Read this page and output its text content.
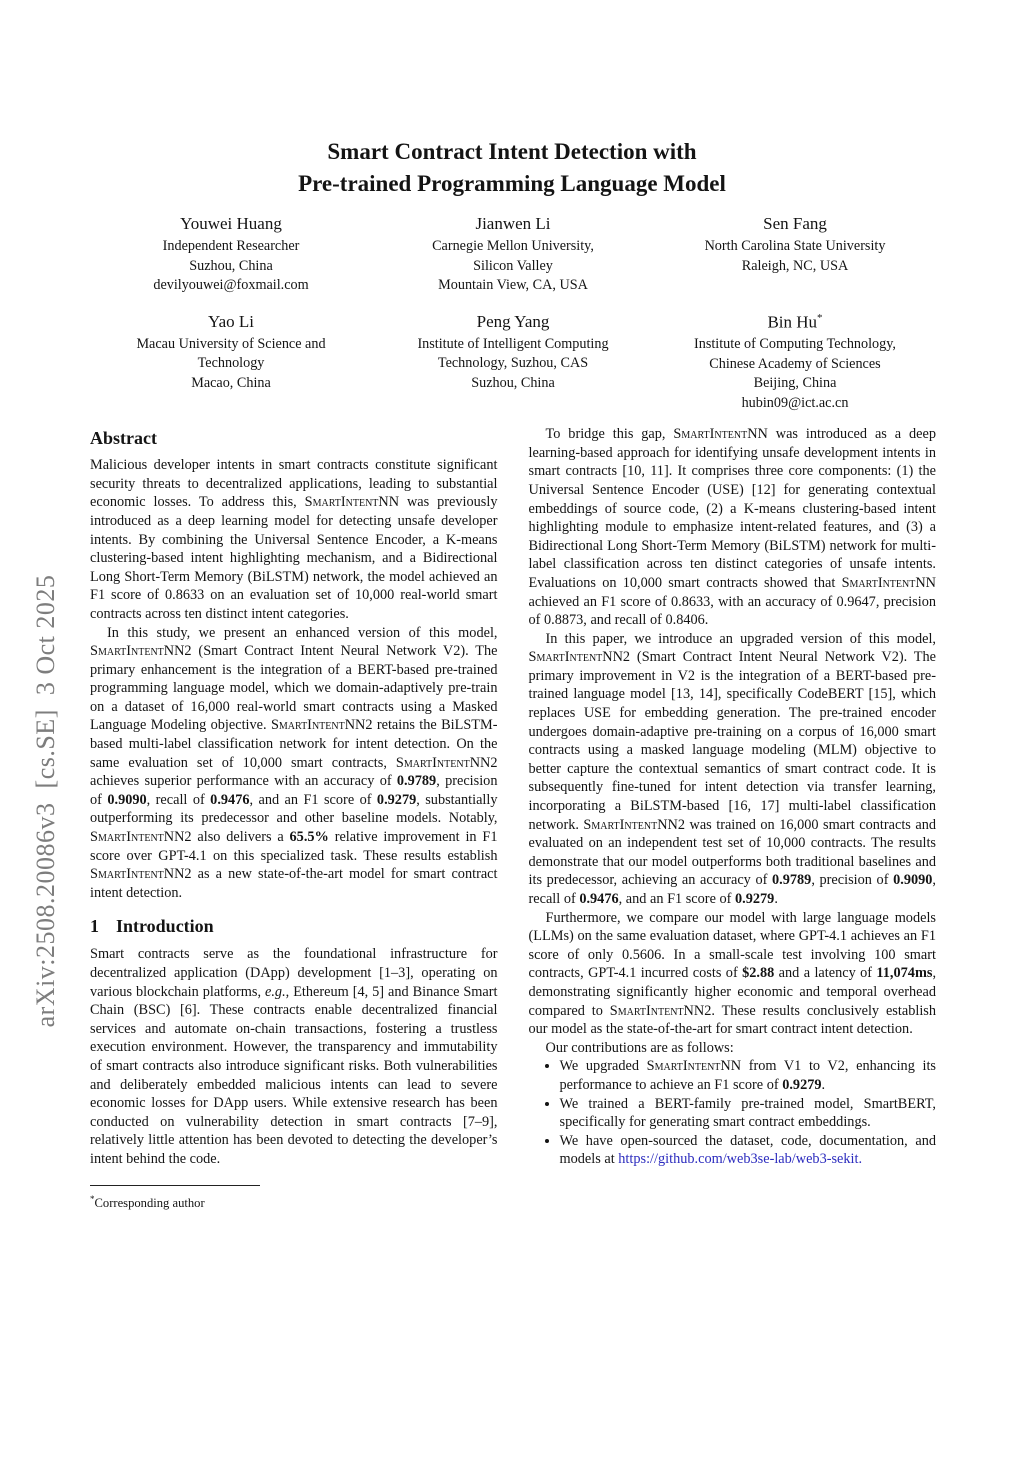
arXiv:2508.20086v3  [cs.SE]  3 Oct 2025
Smart Contract Intent Detection with
Pre-trained Programming Language Model
Youwei Huang
Independent Researcher
Suzhou, China
devilyouwei@foxmail.com
Jianwen Li
Carnegie Mellon University,
Silicon Valley
Mountain View, CA, USA
Sen Fang
North Carolina State University
Raleigh, NC, USA
Yao Li
Macau University of Science and
Technology
Macao, China
Peng Yang
Institute of Intelligent Computing
Technology, Suzhou, CAS
Suzhou, China
Bin Hu*
Institute of Computing Technology,
Chinese Academy of Sciences
Beijing, China
hubin09@ict.ac.cn
Abstract

Malicious developer intents in smart contracts constitute significant security threats to decentralized applications, leading to substantial economic losses. To address this, SmartIntentNN was previously introduced as a deep learning model for detecting unsafe developer intents. By combining the Universal Sentence Encoder, a K-means clustering-based intent highlighting mechanism, and a Bidirectional Long Short-Term Memory (BiLSTM) network, the model achieved an F1 score of 0.8633 on an evaluation set of 10,000 real-world smart contracts across ten distinct intent categories.

In this study, we present an enhanced version of this model, SmartIntentNN2 (Smart Contract Intent Neural Network V2). The primary enhancement is the integration of a BERT-based pre-trained programming language model, which we domain-adaptively pre-train on a dataset of 16,000 real-world smart contracts using a Masked Language Modeling objective. SmartIntentNN2 retains the BiLSTM-based multi-label classification network for intent detection. On the same evaluation set of 10,000 smart contracts, SmartIntentNN2 achieves superior performance with an accuracy of 0.9789, precision of 0.9090, recall of 0.9476, and an F1 score of 0.9279, substantially outperforming its predecessor and other baseline models. Notably, SmartIntentNN2 also delivers a 65.5% relative improvement in F1 score over GPT-4.1 on this specialized task. These results establish SmartIntentNN2 as a new state-of-the-art model for smart contract intent detection.

1 Introduction

Smart contracts serve as the foundational infrastructure for decentralized application (DApp) development [1–3], operating on various blockchain platforms, e.g., Ethereum [4, 5] and Binance Smart Chain (BSC) [6]. These contracts enable decentralized financial services and automate on-chain transactions, fostering a trustless execution environment. However, the transparency and immutability of smart contracts also introduce significant risks. Both vulnerabilities and deliberately embedded malicious intents can lead to severe economic losses for DApp users. While extensive research has been conducted on vulnerability detection in smart contracts [7–9], relatively little attention has been devoted to detecting the developer’s intent behind the code.

*Corresponding author

To bridge this gap, SmartIntentNN was introduced as a deep learning-based approach for identifying unsafe development intents in smart contracts [10, 11]. It comprises three core components: (1) the Universal Sentence Encoder (USE) [12] for generating contextual embeddings of source code, (2) a K-means clustering-based intent highlighting module to emphasize intent-related features, and (3) a Bidirectional Long Short-Term Memory (BiLSTM) network for multi-label classification across ten distinct categories of unsafe intents. Evaluations on 10,000 smart contracts showed that SmartIntentNN achieved an F1 score of 0.8633, with an accuracy of 0.9647, precision of 0.8873, and recall of 0.8406.

In this paper, we introduce an upgraded version of this model, SmartIntentNN2 (Smart Contract Intent Neural Network V2). The primary improvement in V2 is the integration of a BERT-based pre-trained language model [13, 14], specifically CodeBERT [15], which replaces USE for embedding generation. The pre-trained encoder undergoes domain-adaptive pre-training on a corpus of 16,000 smart contracts using a masked language modeling (MLM) objective to better capture the contextual semantics of smart contract code. It is subsequently fine-tuned for intent detection via transfer learning, incorporating a BiLSTM-based [16, 17] multi-label classification network. SmartIntentNN2 was trained on 16,000 smart contracts and evaluated on an independent test set of 10,000 contracts. The results demonstrate that our model outperforms both traditional baselines and its predecessor, achieving an accuracy of 0.9789, precision of 0.9090, recall of 0.9476, and an F1 score of 0.9279.

Furthermore, we compare our model with large language models (LLMs) on the same evaluation dataset, where GPT-4.1 achieves an F1 score of only 0.5606. In a small-scale test involving 100 smart contracts, GPT-4.1 incurred costs of $2.88 and a latency of 11,074ms, demonstrating significantly higher economic and temporal overhead compared to SmartIntentNN2. These results conclusively establish our model as the state-of-the-art for smart contract intent detection.

Our contributions are as follows:

• We upgraded SmartIntentNN from V1 to V2, enhancing its performance to achieve an F1 score of 0.9279.
• We trained a BERT-family pre-trained model, SmartBERT, specifically for generating smart contract embeddings.
• We have open-sourced the dataset, code, documentation, and models at https://github.com/web3se-lab/web3-sekit.
